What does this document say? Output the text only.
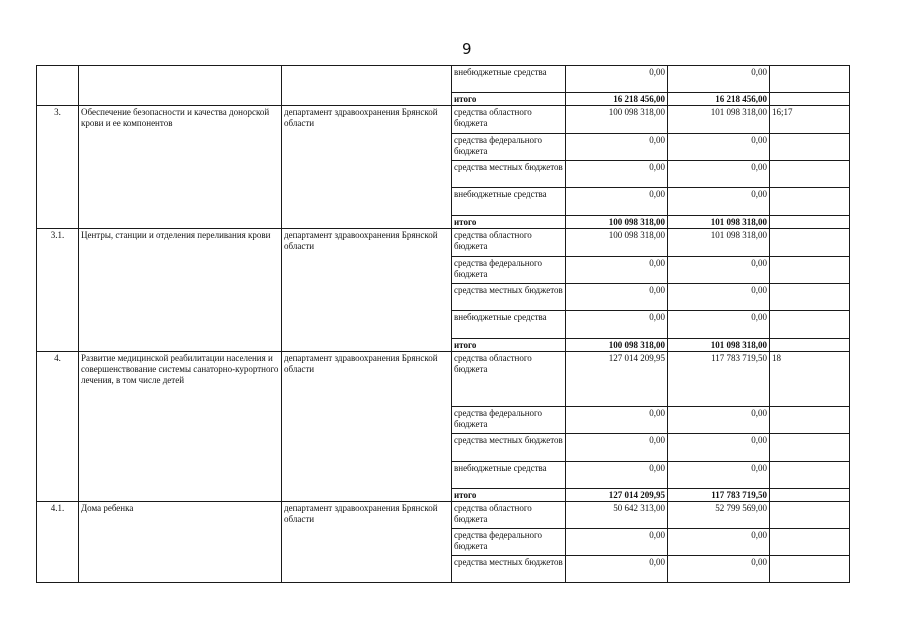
9
			внебюджетные средства	0,00	0,00	
			итого	16 218 456,00	16 218 456,00	
3.	Обеспечение безопасности и качества донорской крови и ее компонентов	департамент здравоохранения Брянской области	средства областного бюджета	100 098 318,00	101 098 318,00	16;17
			средства федерального бюджета	0,00	0,00	
			средства местных бюджетов	0,00	0,00	
			внебюджетные средства	0,00	0,00	
			итого	100 098 318,00	101 098 318,00	
3.1.	Центры, станции и отделения переливания крови	департамент здравоохранения Брянской области	средства областного бюджета	100 098 318,00	101 098 318,00	
			средства федерального бюджета	0,00	0,00	
			средства местных бюджетов	0,00	0,00	
			внебюджетные средства	0,00	0,00	
			итого	100 098 318,00	101 098 318,00	
4.	Развитие медицинской реабилитации населения и совершенствование системы санаторно-курортного лечения, в том числе детей	департамент здравоохранения Брянской области	средства областного бюджета	127 014 209,95	117 783 719,50	18
			средства федерального бюджета	0,00	0,00	
			средства местных бюджетов	0,00	0,00	
			внебюджетные средства	0,00	0,00	
			итого	127 014 209,95	117 783 719,50	
4.1.	Дома ребенка	департамент здравоохранения Брянской области	средства областного бюджета	50 642 313,00	52 799 569,00	
			средства федерального бюджета	0,00	0,00	
			средства местных бюджетов	0,00	0,00	
